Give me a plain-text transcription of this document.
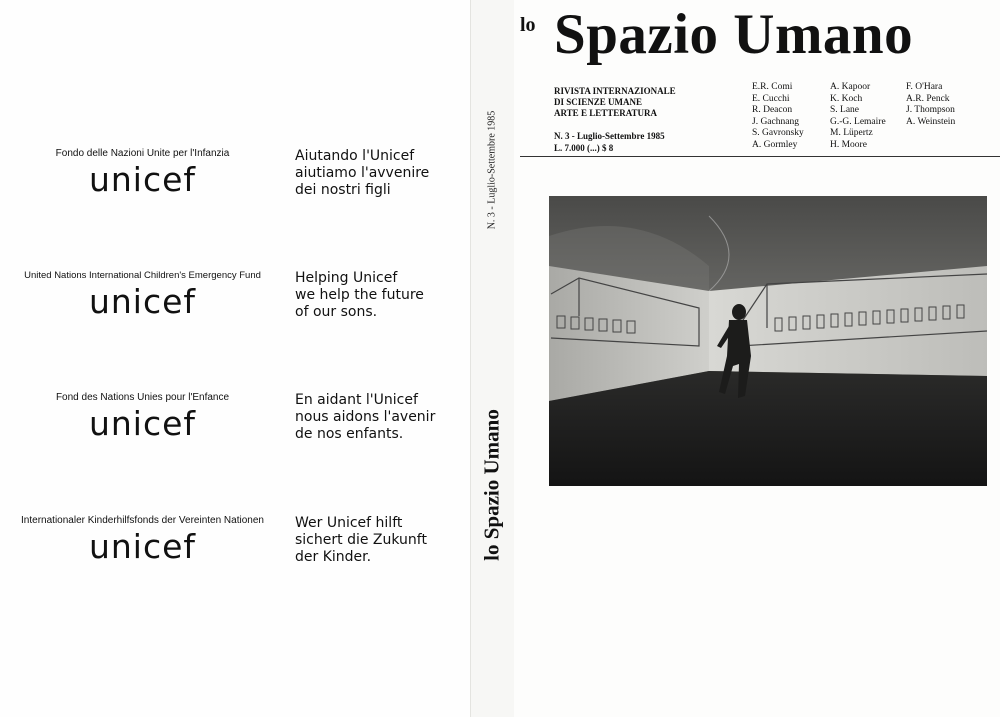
Fondo delle Nazioni Unite per l'Infanzia
unicef
Aiutando l'Unicef
aiutiamo l'avvenire
dei nostri figli
United Nations International Children's Emergency Fund
unicef
Helping Unicef
we help the future
of our sons.
Fond des Nations Unies pour l'Enfance
unicef
En aidant l'Unicef
nous aidons l'avenir
de nos enfants.
Internationaler Kinderhilfsfonds der Vereinten Nationen
unicef
Wer Unicef hilft
sichert die Zukunft
der Kinder.
N. 3 - Luglio-Settembre 1985
lo Spazio Umano
lo Spazio Umano
RIVISTA INTERNAZIONALE
DI SCIENZE UMANE
ARTE E LETTERATURA
N. 3 - Luglio-Settembre 1985
L. 7.000 (...) $ 8
E.R. Comi
E. Cucchi
R. Deacon
J. Gachnang
S. Gavronsky
A. Gormley
A. Kapoor
K. Koch
S. Lane
G.-G. Lemaire
M. Lüpertz
H. Moore
F. O'Hara
A.R. Penck
J. Thompson
A. Weinstein
